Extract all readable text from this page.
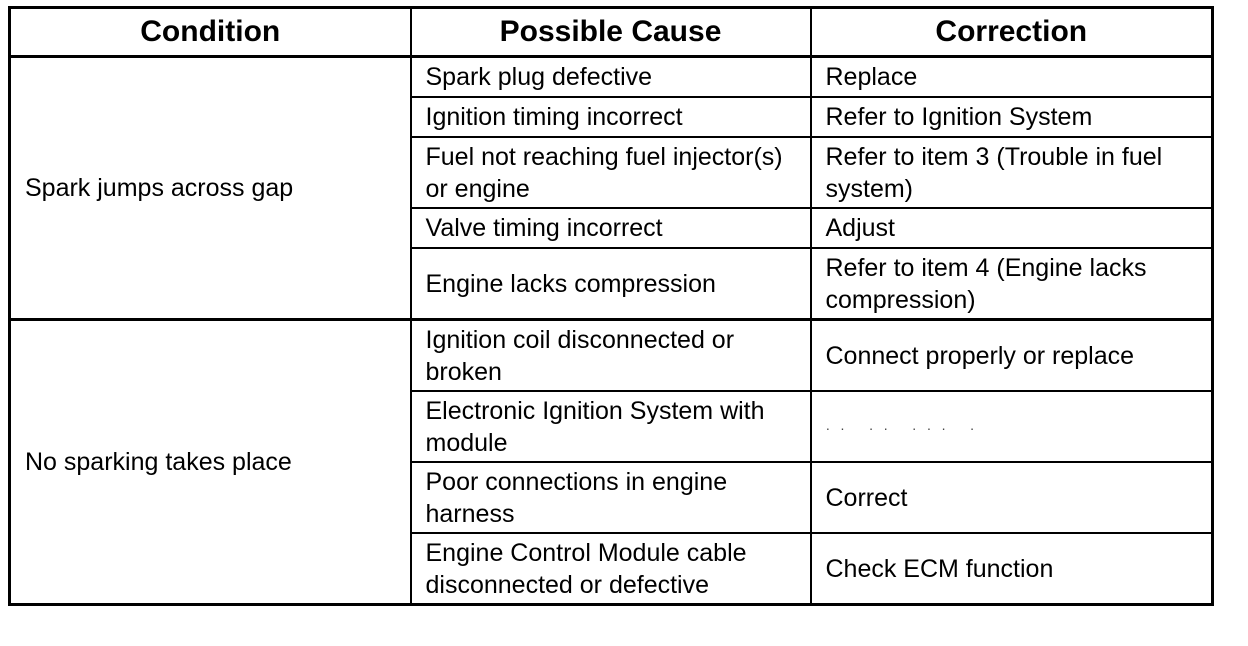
Condition	Possible Cause	Correction
Spark jumps across gap	Spark plug defective	Replace
	Ignition timing incorrect	Refer to Ignition System
	Fuel not reaching fuel injector(s) or engine	Refer to item 3 (Trouble in fuel system)
	Valve timing incorrect	Adjust
	Engine lacks compression	Refer to item 4 (Engine lacks compression)
No sparking takes place	Ignition coil disconnected or broken	Connect properly or replace
	Electronic Ignition System with module	·· ·· ··· ·
	Poor connections in engine harness	Correct
	Engine Control Module cable disconnected or defective	Check ECM function
